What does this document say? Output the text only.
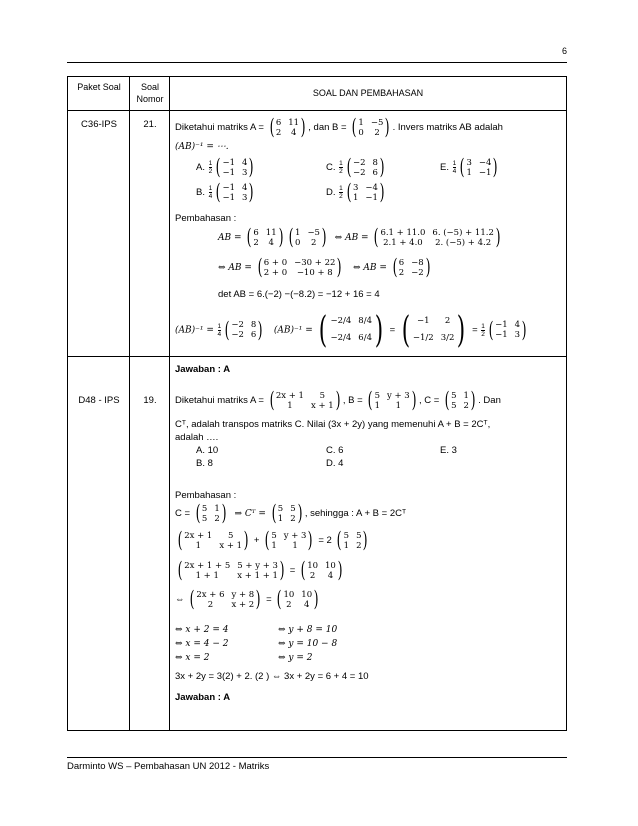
6
Paket Soal	Soal Nomor
SOAL DAN PEMBAHASAN
C36-IPS	21.	Diketahui matriks A = ( 6 11
2	4 ) , dan B = ( 1 −5
0	2 ) . Invers matriks AB adalah
(AB)⁻¹ = ⋯.
A. $\frac{1}{2}$ ( −1 4
−1 3 )	C. $\frac{1}{2}$ ( −2 8
−2 6 )	E. $\frac{1}{4}$ ( 3 −4
1 −1 )
B. $\frac{1}{4}$ ( −1 4
−1 3 )	D. $\frac{1}{2}$ ( 3 −4
1 −1 )
Pembahasan :
AB = ( 6 11
2	4 ) ( 1 −5
0	2 ) ⇔ AB = ( 6.1 + 11.0 6. (−5) + 11.2
2.1 + 4.0	2. (−5) + 4.2 )
⇔ AB = ( 6 + 0 −30 + 22
2 + 0	−10 + 8 ) ⇔ AB = ( 6 −8
2 −2 )
det AB = 6.(−2) −(−8.2) = −12 + 16 = 4
$(AB)^{-1} = \frac{1}{4}$ ( −2 8
−2 6 ) (AB)⁻¹ = ( −2/4 8/4
−2/4 6/4 ) = ( −1	2
−1/2 3/2 ) = $\frac{1}{2}$ ( −1 4
−1 3 )
Jawaban : A
D48 - IPS	19.	Diketahui matriks A = ( 2x + 1	5
1	x + 1 ) , B = ( 5 y + 3
1	1 ) , C = ( 5 1
5 2 ) . Dan
Cᵀ, adalah transpos matriks C. Nilai (3x + 2y) yang memenuhi A + B = 2Cᵀ,
adalah ….
A. 10	C. 6	E. 3
B. 8	D. 4
Pembahasan :
C = ( 5 1
5 2 ) ⇒ Cᵀ = ( 5 5
1 2 ) , sehingga : A + B = 2Cᵀ
( 2x + 1	5
1	x + 1 ) + ( 5 y + 3
1	1 ) = 2 ( 5 5
1 2 )
( 2x + 1 + 5 5 + y + 3
1 + 1	x + 1 + 1 ) = ( 10 10
2	4 )
⇔ ( 2x + 6 y + 8
2	x + 2 ) = ( 10 10
2	4 )
⇔ x + 2 = 4	⇔ y + 8 = 10
⇔ x = 4 − 2	⇔ y = 10 − 8
⇔ x = 2	⇔ y = 2
3x + 2y = 3(2) + 2. (2 ) ⇔ 3x + 2y = 6 + 4 = 10
Jawaban : A
Darminto WS – Pembahasan UN 2012 - Matriks
